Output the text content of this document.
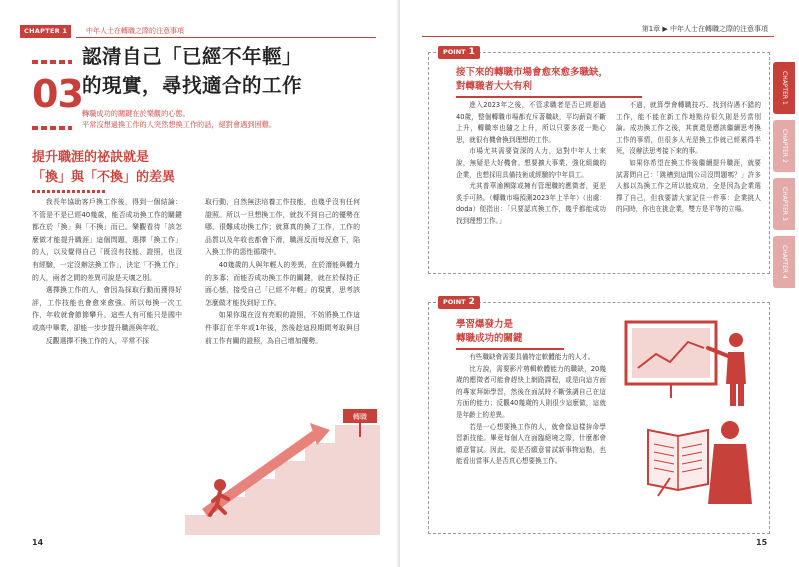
CHAPTER 1	中年人士在轉職之際的注意事項
03
認清自己「已經不年輕」
的現實，尋找適合的工作
轉職成功的關鍵在於樂觀的心態。
平常沒想過換工作的人突然想換工作的話，絕對會遇到困難。
提升職涯的祕訣就是
「換」與「不換」的差異

我長年協助客戶換工作後，得到一個結論：不管是不是已經40幾歲，能否成功換工作的關鍵都在於「換」與「不換」而已。樂觀看待「該怎麼做才能提升職涯」這個問題，選擇「換工作」的人，以及覺得自己「既沒有技能、證照，也沒有經驗，一定沒辦法換工作」，決定「不換工作」的人，兩者之間的差異可說是天壤之別。

選擇換工作的人，會因為採取行動而獲得好評，工作技能也會愈來愈強。所以每換一次工作，年收就會節節攀升。這些人有可能只是國中或高中畢業，卻能一步步提升職涯與年收。

反觀選擇不換工作的人，平常不採

取行動，自然無法培養工作技能，也幾乎沒有任何證照。所以一旦想換工作，就找不到自己的優勢在哪，很難成功換工作；就算真的換了工作，工作的品質以及年收也都會下滑，職涯反而每況愈下，陷入換工作的惡性循環中。

40幾歲的人與年輕人的差異，在於潛能與體力的多寡；而能否成功換工作的關鍵，就在於保持正面心態，接受自己「已經不年輕」的現實，思考該怎麼做才能找到好工作。

如果你現在沒有亮眼的證照，不妨將換工作這件事訂在半年或1年後，然後趁這段期間考取與目前工作有關的證照，為自己增加優勢。

轉職
14
第1章 ▶ 中年人士在轉職之際的注意事項
POINT 1
接下來的轉職市場會愈來愈多職缺，
對轉職者大大有利

進入2023年之後，不管求職者是否已經超過40歲，整個轉職市場都充斥著職缺，平均薪資不斷上升，轉職率也隨之上升，所以只要多花一點心思，就很有機會換到理想的工作。

市場尤其需要資深的人力，這對中年人士來說，無疑是大好機會。想要擴大事業、強化組織的企業，也想採用具備技術或經驗的中年員工。

尤其普華逾團隊或擁有管理職的應徵者，更是炙手可熱。（轉職市場預測2023年上半年）（出處：doda）便指出：「只要認真換工作，幾乎都能成功找到理想工作。」

不過，就算學會轉職技巧、找到待遇不錯的工作，能不能在新工作地點待很久則是另當別論。成功換工作之後，其實還是應該繼續思考換工作的事情，但很多人光是換工作就已經累得半死，沒辦法思考接下來的事。

如果你希望在換工作後繼續提升職涯，就要試著問自己：「跳槽到這間公司沒問題嗎？」許多人都以為換工作之所以能成功，全是因為企業選擇了自己，但我要請大家記住一件事：企業挑人的同時，你也在挑企業，雙方是平等的立場。

POINT 2
學習爆發力是
轉職成功的關鍵

有些職缺會需要具備特定軟體能力的人才。

比方說，需要影片剪輯軟體能力的職缺，20幾歲的應徵者可能會趕快上網路課程，或是向這方面的專家拜師學習，然後在面試時不斷強調自己在這方面的能力；反觀40幾歲的人則很少這麼做，這就是年齡上的差異。

若是一心想要換工作的人，就會像這樣拚命學習新技能。畢竟每個人在面臨絕境之際，什麼都會願意嘗試。因此，從是否願意嘗試新事物這點，也能看出當事人是否真心想要換工作。

CHAPTER 1
CHAPTER 2
CHAPTER 3
CHAPTER 4
15
